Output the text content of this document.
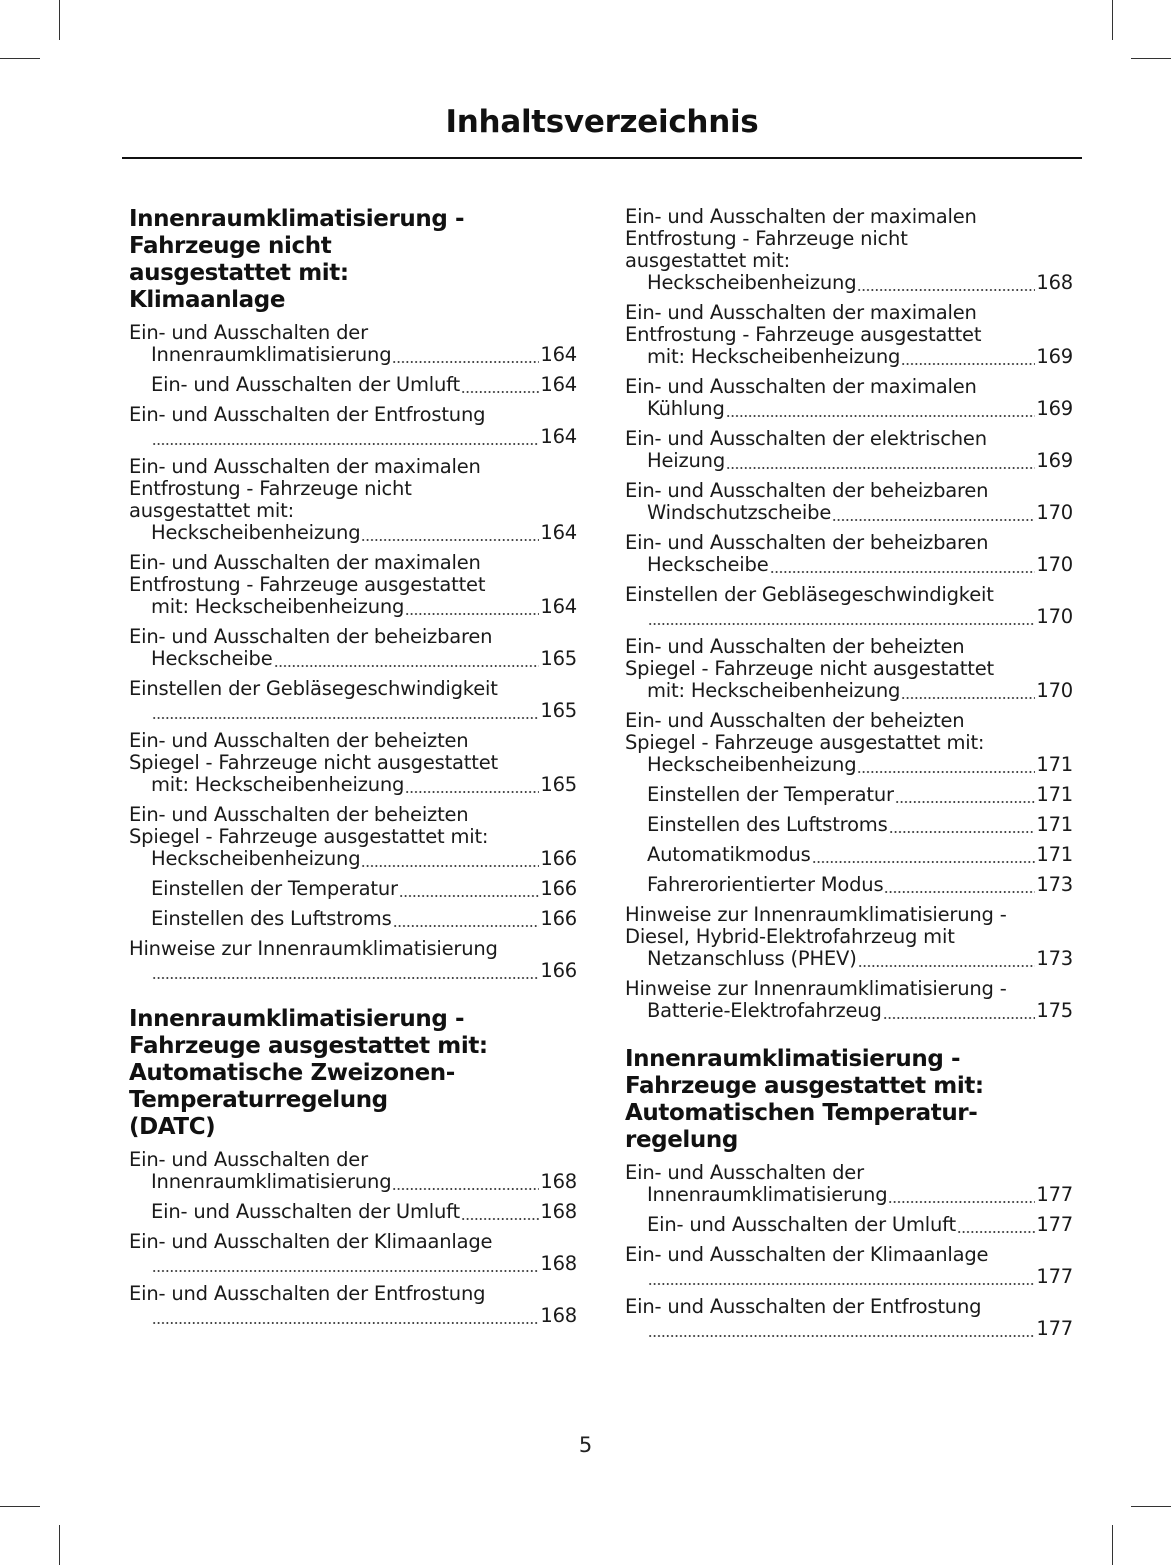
Inhaltsverzeichnis
Innenraumklimatisierung -
Fahrzeuge nicht
ausgestattet mit:
Klimaanlage
Ein- und Ausschalten der
Innenraumklimatisierung	164
Ein- und Ausschalten der Umluft	164
Ein- und Ausschalten der Entfrostung
164
Ein- und Ausschalten der maximalen
Entfrostung - Fahrzeuge nicht
ausgestattet mit:
Heckscheibenheizung	164
Ein- und Ausschalten der maximalen
Entfrostung - Fahrzeuge ausgestattet
mit: Heckscheibenheizung	164
Ein- und Ausschalten der beheizbaren
Heckscheibe	165
Einstellen der Gebläsegeschwindigkeit
165
Ein- und Ausschalten der beheizten
Spiegel - Fahrzeuge nicht ausgestattet
mit: Heckscheibenheizung	165
Ein- und Ausschalten der beheizten
Spiegel - Fahrzeuge ausgestattet mit:
Heckscheibenheizung	166
Einstellen der Temperatur	166
Einstellen des Luftstroms	166
Hinweise zur Innenraumklimatisierung
166
Innenraumklimatisierung -
Fahrzeuge ausgestattet mit:
Automatische Zweizonen-
Temperaturregelung
(DATC)
Ein- und Ausschalten der
Innenraumklimatisierung	168
Ein- und Ausschalten der Umluft	168
Ein- und Ausschalten der Klimaanlage
168
Ein- und Ausschalten der Entfrostung
168
Ein- und Ausschalten der maximalen
Entfrostung - Fahrzeuge nicht
ausgestattet mit:
Heckscheibenheizung	168
Ein- und Ausschalten der maximalen
Entfrostung - Fahrzeuge ausgestattet
mit: Heckscheibenheizung	169
Ein- und Ausschalten der maximalen
Kühlung	169
Ein- und Ausschalten der elektrischen
Heizung	169
Ein- und Ausschalten der beheizbaren
Windschutzscheibe	170
Ein- und Ausschalten der beheizbaren
Heckscheibe	170
Einstellen der Gebläsegeschwindigkeit
170
Ein- und Ausschalten der beheizten
Spiegel - Fahrzeuge nicht ausgestattet
mit: Heckscheibenheizung	170
Ein- und Ausschalten der beheizten
Spiegel - Fahrzeuge ausgestattet mit:
Heckscheibenheizung	171
Einstellen der Temperatur	171
Einstellen des Luftstroms	171
Automatikmodus	171
Fahrerorientierter Modus	173
Hinweise zur Innenraumklimatisierung -
Diesel, Hybrid-Elektrofahrzeug mit
Netzanschluss (PHEV)	173
Hinweise zur Innenraumklimatisierung -
Batterie-Elektrofahrzeug	175
Innenraumklimatisierung -
Fahrzeuge ausgestattet mit:
Automatischen Temperatur-
regelung
Ein- und Ausschalten der
Innenraumklimatisierung	177
Ein- und Ausschalten der Umluft	177
Ein- und Ausschalten der Klimaanlage
177
Ein- und Ausschalten der Entfrostung
177
5
